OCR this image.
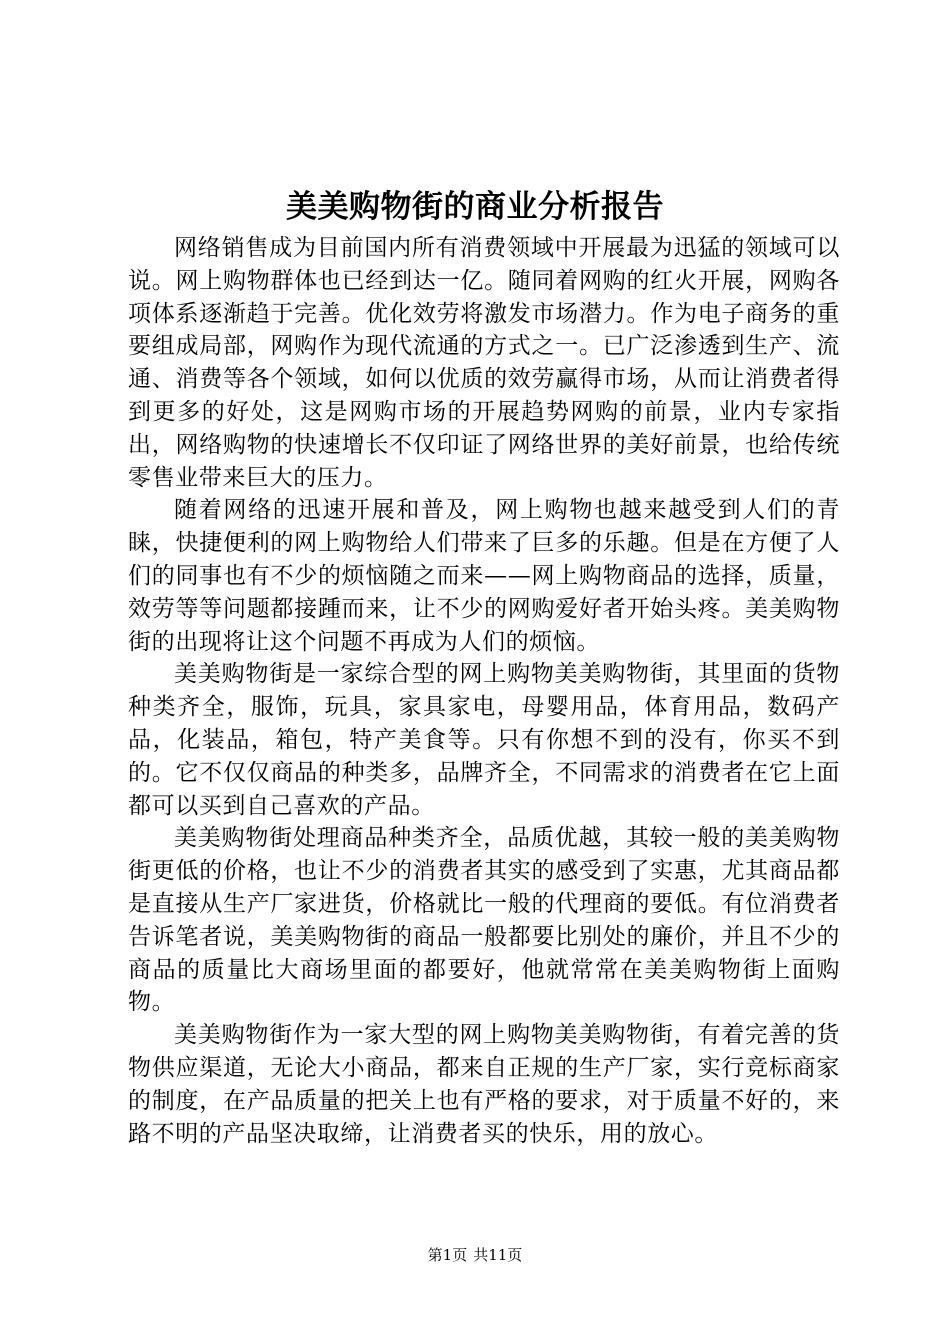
美美购物街的商业分析报告

网络销售成为目前国内所有消费领域中开展最为迅猛的领域可以说。网上购物群体也已经到达一亿。随同着网购的红火开展，网购各项体系逐渐趋于完善。优化效劳将激发市场潜力。作为电子商务的重要组成局部，网购作为现代流通的方式之一。已广泛渗透到生产、流通、消费等各个领域，如何以优质的效劳赢得市场，从而让消费者得到更多的好处，这是网购市场的开展趋势网购的前景，业内专家指出，网络购物的快速增长不仅印证了网络世界的美好前景，也给传统零售业带来巨大的压力。

随着网络的迅速开展和普及，网上购物也越来越受到人们的青睐，快捷便利的网上购物给人们带来了巨多的乐趣。但是在方便了人们的同事也有不少的烦恼随之而来——网上购物商品的选择，质量，效劳等等问题都接踵而来，让不少的网购爱好者开始头疼。美美购物街的出现将让这个问题不再成为人们的烦恼。

美美购物街是一家综合型的网上购物美美购物街，其里面的货物种类齐全，服饰，玩具，家具家电，母婴用品，体育用品，数码产品，化装品，箱包，特产美食等。只有你想不到的没有，你买不到的。它不仅仅商品的种类多，品牌齐全，不同需求的消费者在它上面都可以买到自己喜欢的产品。

美美购物街处理商品种类齐全，品质优越，其较一般的美美购物街更低的价格，也让不少的消费者其实的感受到了实惠，尤其商品都是直接从生产厂家进货，价格就比一般的代理商的要低。有位消费者告诉笔者说，美美购物街的商品一般都要比别处的廉价，并且不少的商品的质量比大商场里面的都要好，他就常常在美美购物街上面购物。

美美购物街作为一家大型的网上购物美美购物街，有着完善的货物供应渠道，无论大小商品，都来自正规的生产厂家，实行竞标商家的制度，在产品质量的把关上也有严格的要求，对于质量不好的，来路不明的产品坚决取缔，让消费者买的快乐，用的放心。

第1页 共11页
